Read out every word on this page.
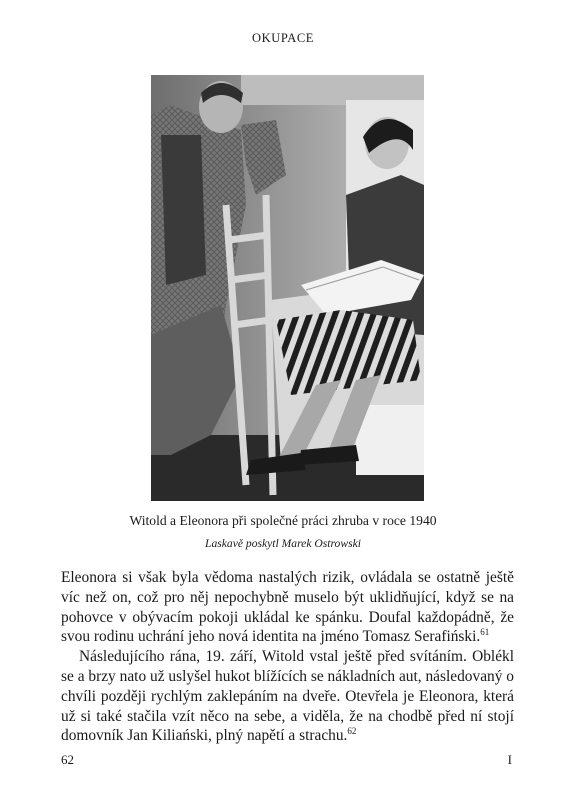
OKUPACE
Witold a Eleonora při společné práci zhruba v roce 1940
Laskavě poskytl Marek Ostrowski

Eleonora si však byla vědoma nastalých rizik, ovládala se ostatně ještě víc než on, což pro něj nepochybně muselo být uklidňující, když se na pohovce v obývacím pokoji ukládal ke spánku. Doufal každopádně, že svou rodinu uchrání jeho nová identita na jméno Tomasz Serafiński.$^{61}$

Následujícího rána, 19. září, Witold vstal ještě před svítáním. Oblékl se a brzy nato už uslyšel hukot blížících se nákladních aut, následovaný o chvíli později rychlým zaklepáním na dveře. Otevřela je Eleonora, která už si také stačila vzít něco na sebe, a viděla, že na chodbě před ní stojí domovník Jan Kiliański, plný napětí a strachu.$^{62}$

62	I
